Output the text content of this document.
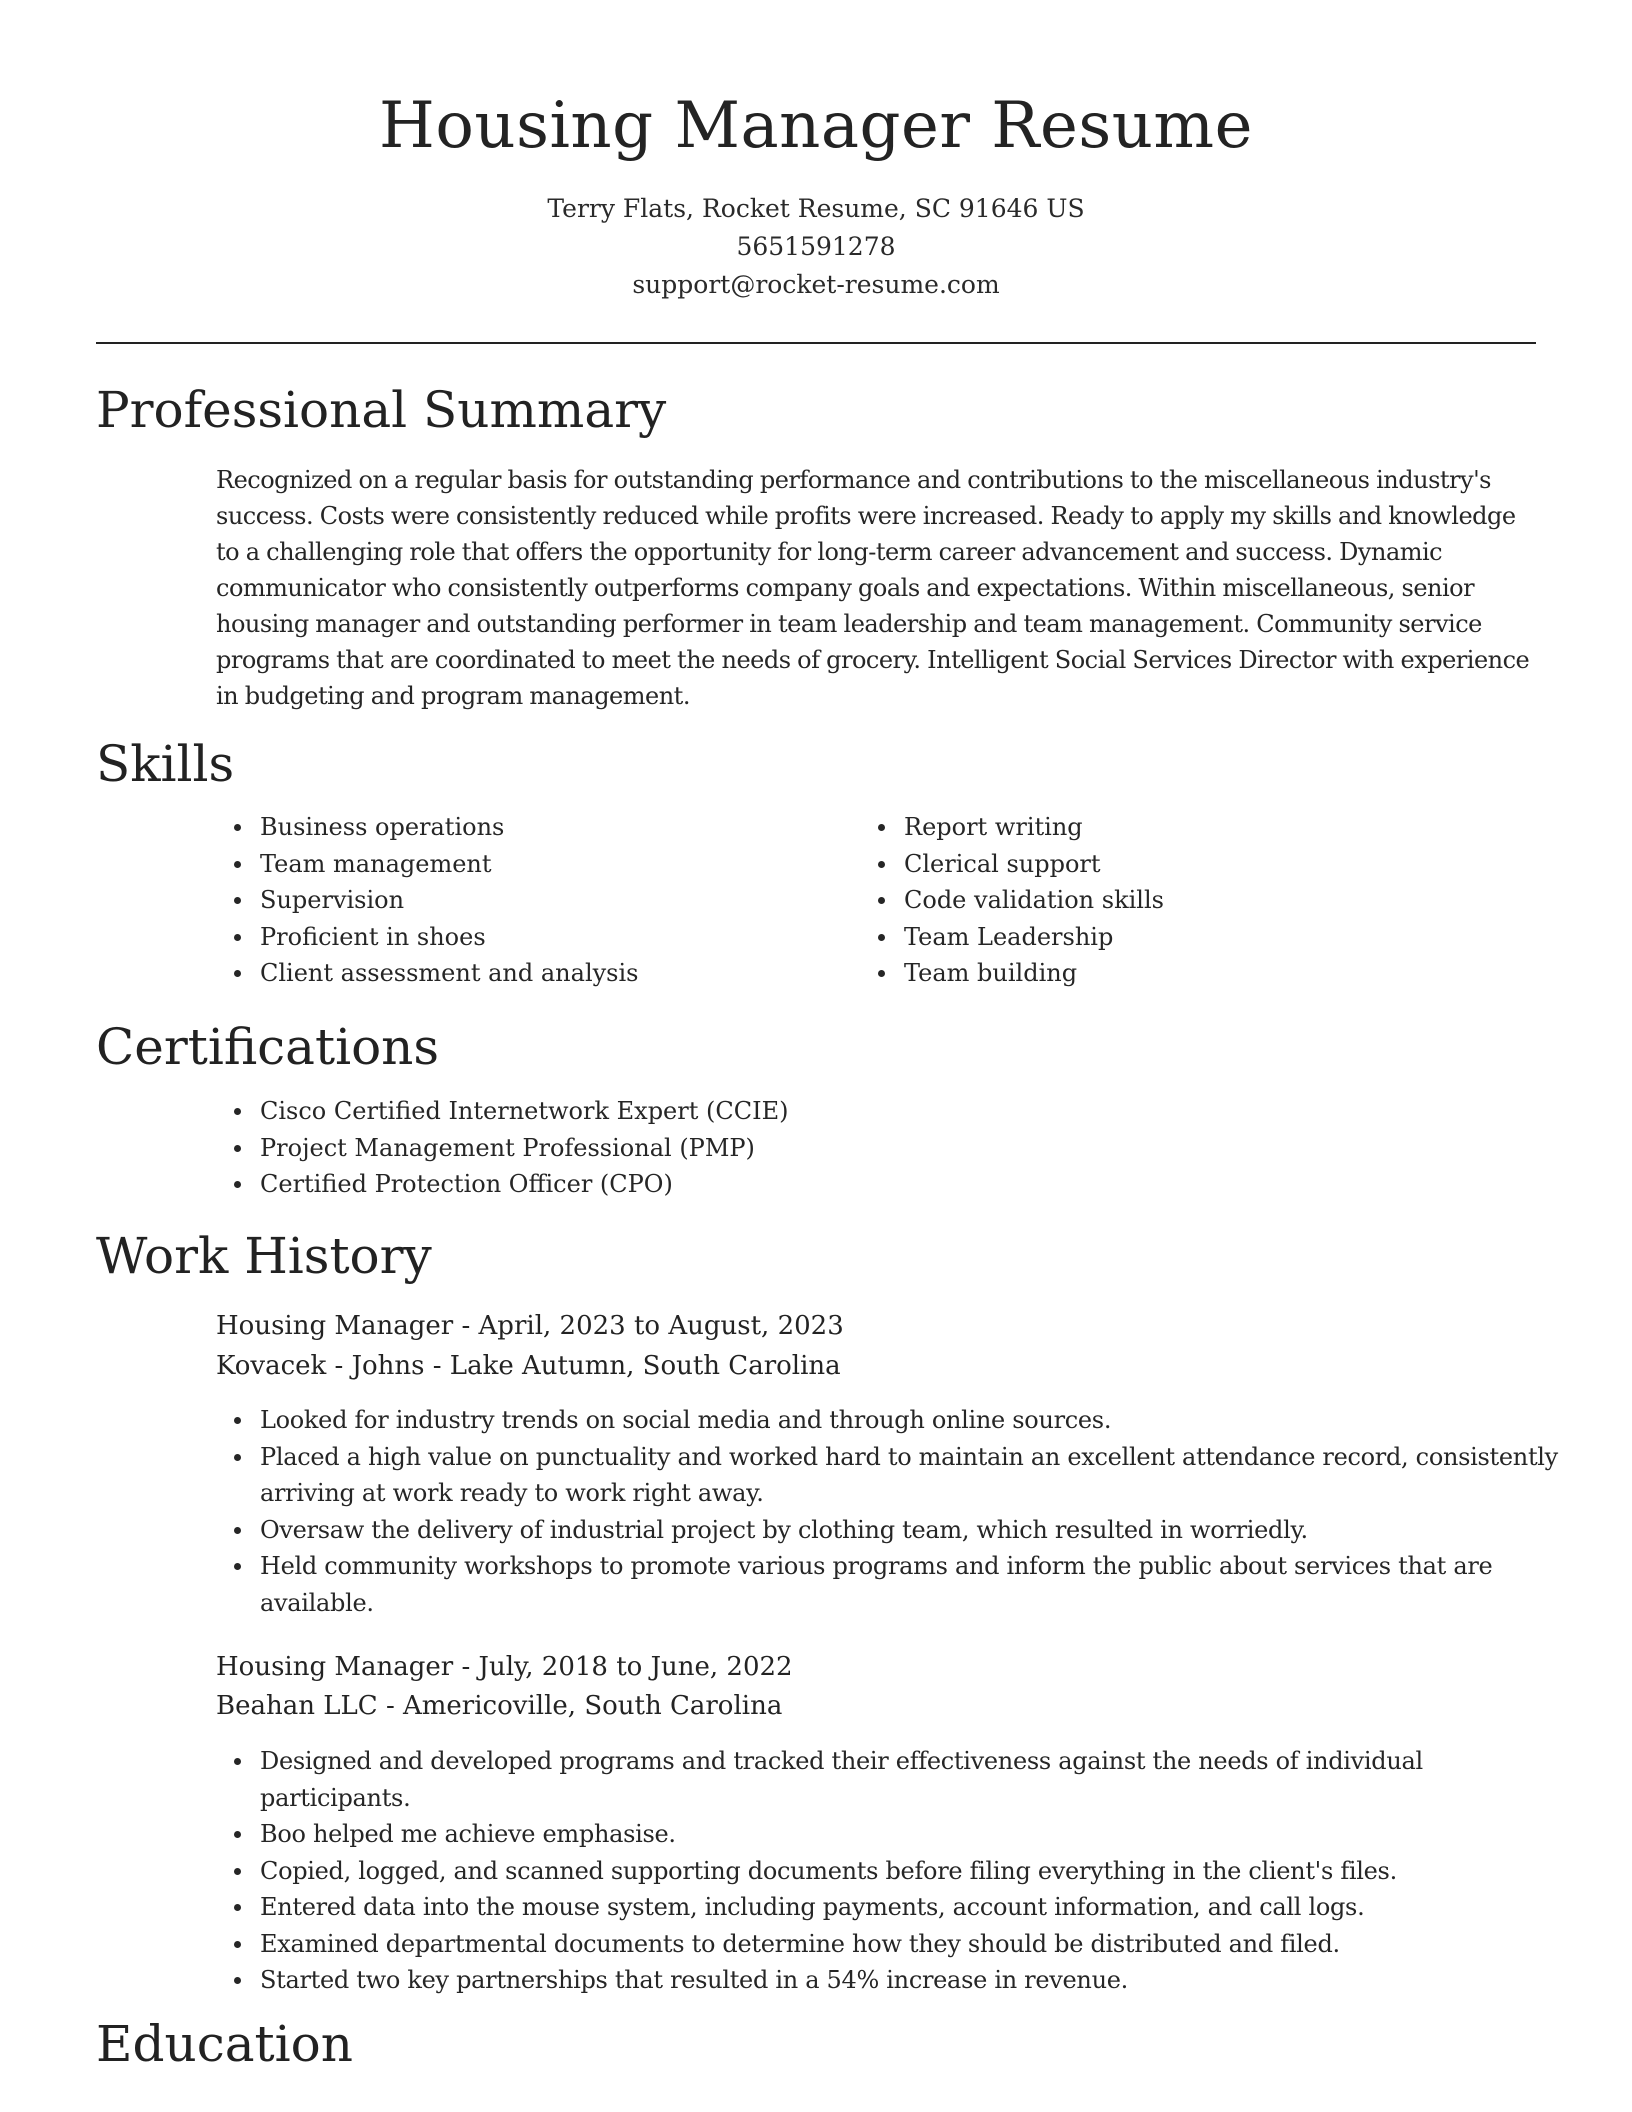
Housing Manager Resume
Terry Flats, Rocket Resume, SC 91646 US
5651591278
support@rocket-resume.com
Professional Summary

Recognized on a regular basis for outstanding performance and contributions to the miscellaneous industry's success. Costs were consistently reduced while profits were increased. Ready to apply my skills and knowledge to a challenging role that offers the opportunity for long-term career advancement and success. Dynamic communicator who consistently outperforms company goals and expectations. Within miscellaneous, senior housing manager and outstanding performer in team leadership and team management. Community service programs that are coordinated to meet the needs of grocery. Intelligent Social Services Director with experience in budgeting and program management.

Skills
Business operations
Team management
Supervision
Proficient in shoes
Client assessment and analysis
Report writing
Clerical support
Code validation skills
Team Leadership
Team building
Certifications
Cisco Certified Internetwork Expert (CCIE)
Project Management Professional (PMP)
Certified Protection Officer (CPO)
Work History
Housing Manager - April, 2023 to August, 2023
Kovacek - Johns - Lake Autumn, South Carolina
Looked for industry trends on social media and through online sources.
Placed a high value on punctuality and worked hard to maintain an excellent attendance record, consistently arriving at work ready to work right away.
Oversaw the delivery of industrial project by clothing team, which resulted in worriedly.
Held community workshops to promote various programs and inform the public about services that are available.
Housing Manager - July, 2018 to June, 2022
Beahan LLC - Americoville, South Carolina
Designed and developed programs and tracked their effectiveness against the needs of individual participants.
Boo helped me achieve emphasise.
Copied, logged, and scanned supporting documents before filing everything in the client's files.
Entered data into the mouse system, including payments, account information, and call logs.
Examined departmental documents to determine how they should be distributed and filed.
Started two key partnerships that resulted in a 54% increase in revenue.
Education
